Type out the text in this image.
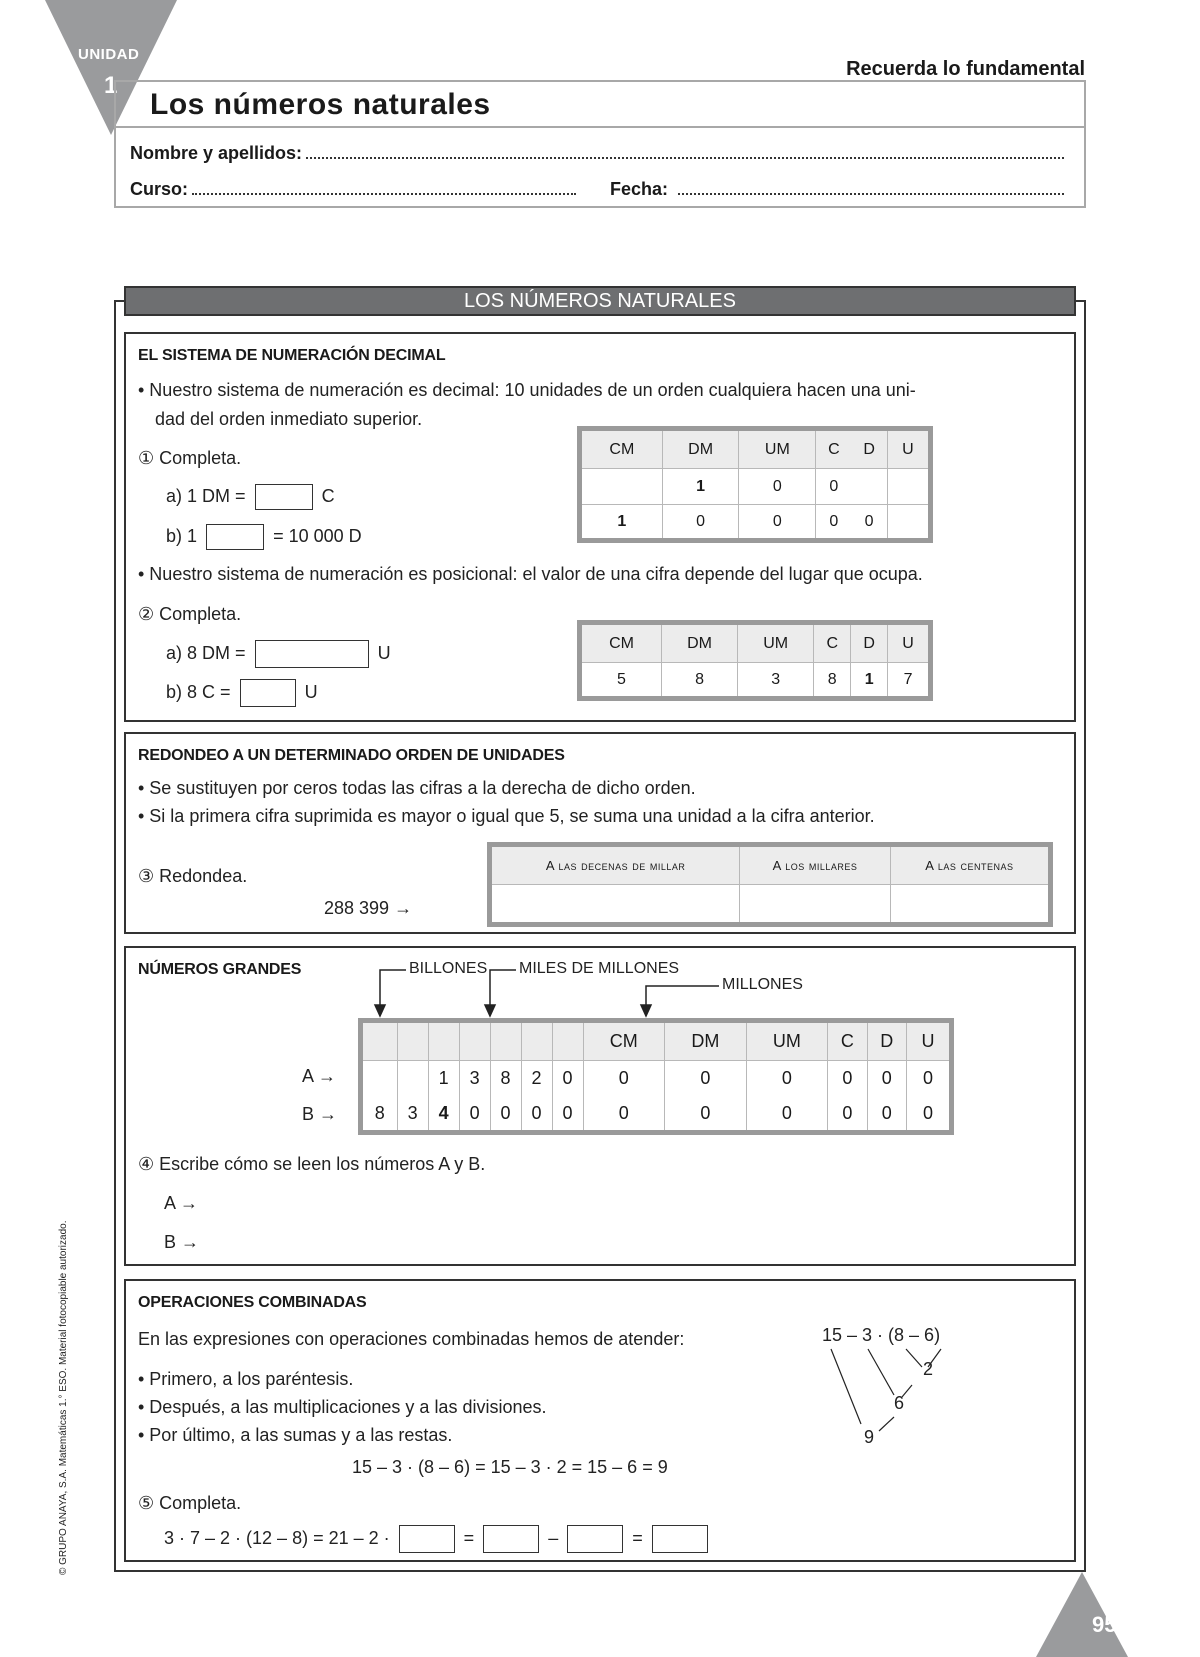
UNIDAD
1
Recuerda lo fundamental
Los números naturales
Nombre y apellidos:
Curso:	Fecha:
LOS NÚMEROS NATURALES
EL SISTEMA DE NUMERACIÓN DECIMAL
• Nuestro sistema de numeración es decimal: 10 unidades de un orden cualquiera hacen una uni-
dad del orden inmediato superior.
① Completa.
a) 1 DM =	C
b) 1	= 10 000 D
CM	DM	UM	C	D	U
	1	0	0		
1	0	0	0	0	
• Nuestro sistema de numeración es posicional: el valor de una cifra depende del lugar que ocupa.
② Completa.
a) 8 DM =	U
b) 8 C =	U
CM	DM	UM	C	D	U
5	8	3	8	1	7
REDONDEO A UN DETERMINADO ORDEN DE UNIDADES
• Se sustituyen por ceros todas las cifras a la derecha de dicho orden.
• Si la primera cifra suprimida es mayor o igual que 5, se suma una unidad a la cifra anterior.
③ Redondea.
288 399 →
A las decenas de millar	A los millares	A las centenas

NÚMEROS GRANDES	BILLONES MILES DE MILLONES
MILLONES
A →
B →
							CM	DM	UM	C	D	U
		1	3	8	2	0	0	0	0	0	0	0
8	3	4	0	0	0	0	0	0	0	0	0	0
④ Escribe cómo se leen los números A y B.
A →
B →
OPERACIONES COMBINADAS
En las expresiones con operaciones combinadas hemos de atender:
• Primero, a los paréntesis.
• Después, a las multiplicaciones y a las divisiones.
• Por último, a las sumas y a las restas.
15 – 3 · (8 – 6)
2
6
9
15 – 3 · (8 – 6) = 15 – 3 · 2 = 15 – 6 = 9
⑤ Completa.
3 · 7 – 2 · (12 – 8) = 21 – 2 ·	=	–	=
© GRUPO ANAYA, S.A. Matemáticas 1.° ESO. Material fotocopiable autorizado.
95
